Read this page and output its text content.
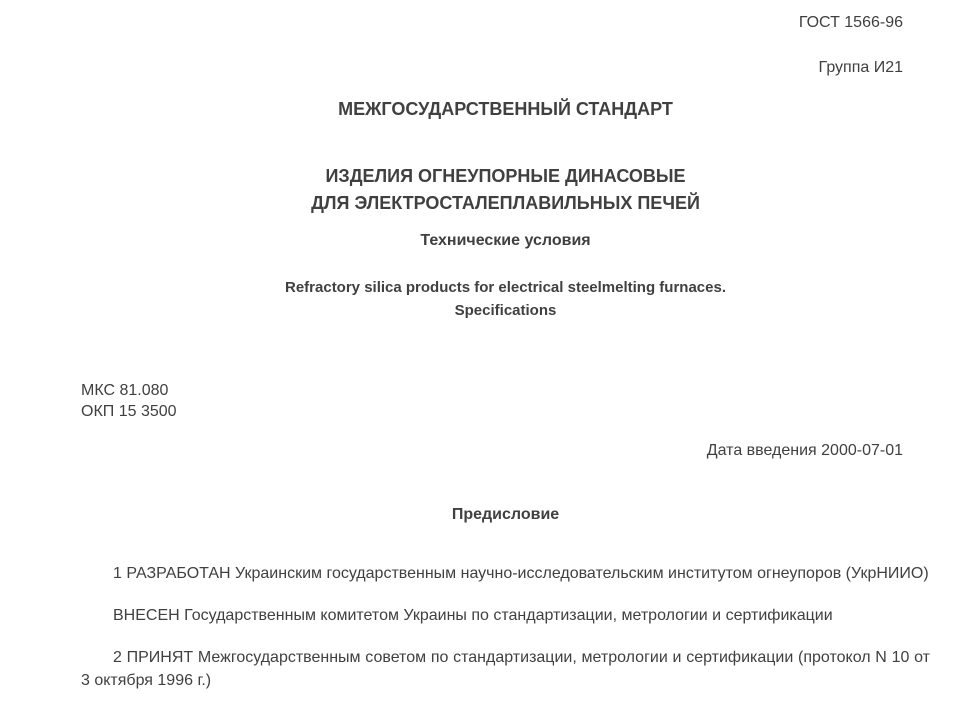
ГОСТ 1566-96
Группа И21
МЕЖГОСУДАРСТВЕННЫЙ СТАНДАРТ
ИЗДЕЛИЯ ОГНЕУПОРНЫЕ ДИНАСОВЫЕ
ДЛЯ ЭЛЕКТРОСТАЛЕПЛАВИЛЬНЫХ ПЕЧЕЙ
Технические условия
Refractory silica products for electrical steelmelting furnaces.
Specifications
МКС 81.080
ОКП 15 3500
Дата введения 2000-07-01
Предисловие

1 РАЗРАБОТАН Украинским государственным научно-исследовательским институтом огнеупоров (УкрНИИО)

ВНЕСЕН Государственным комитетом Украины по стандартизации, метрологии и сертификации

2 ПРИНЯТ Межгосударственным советом по стандартизации, метрологии и сертификации (протокол N 10 от 3 октября 1996 г.)
